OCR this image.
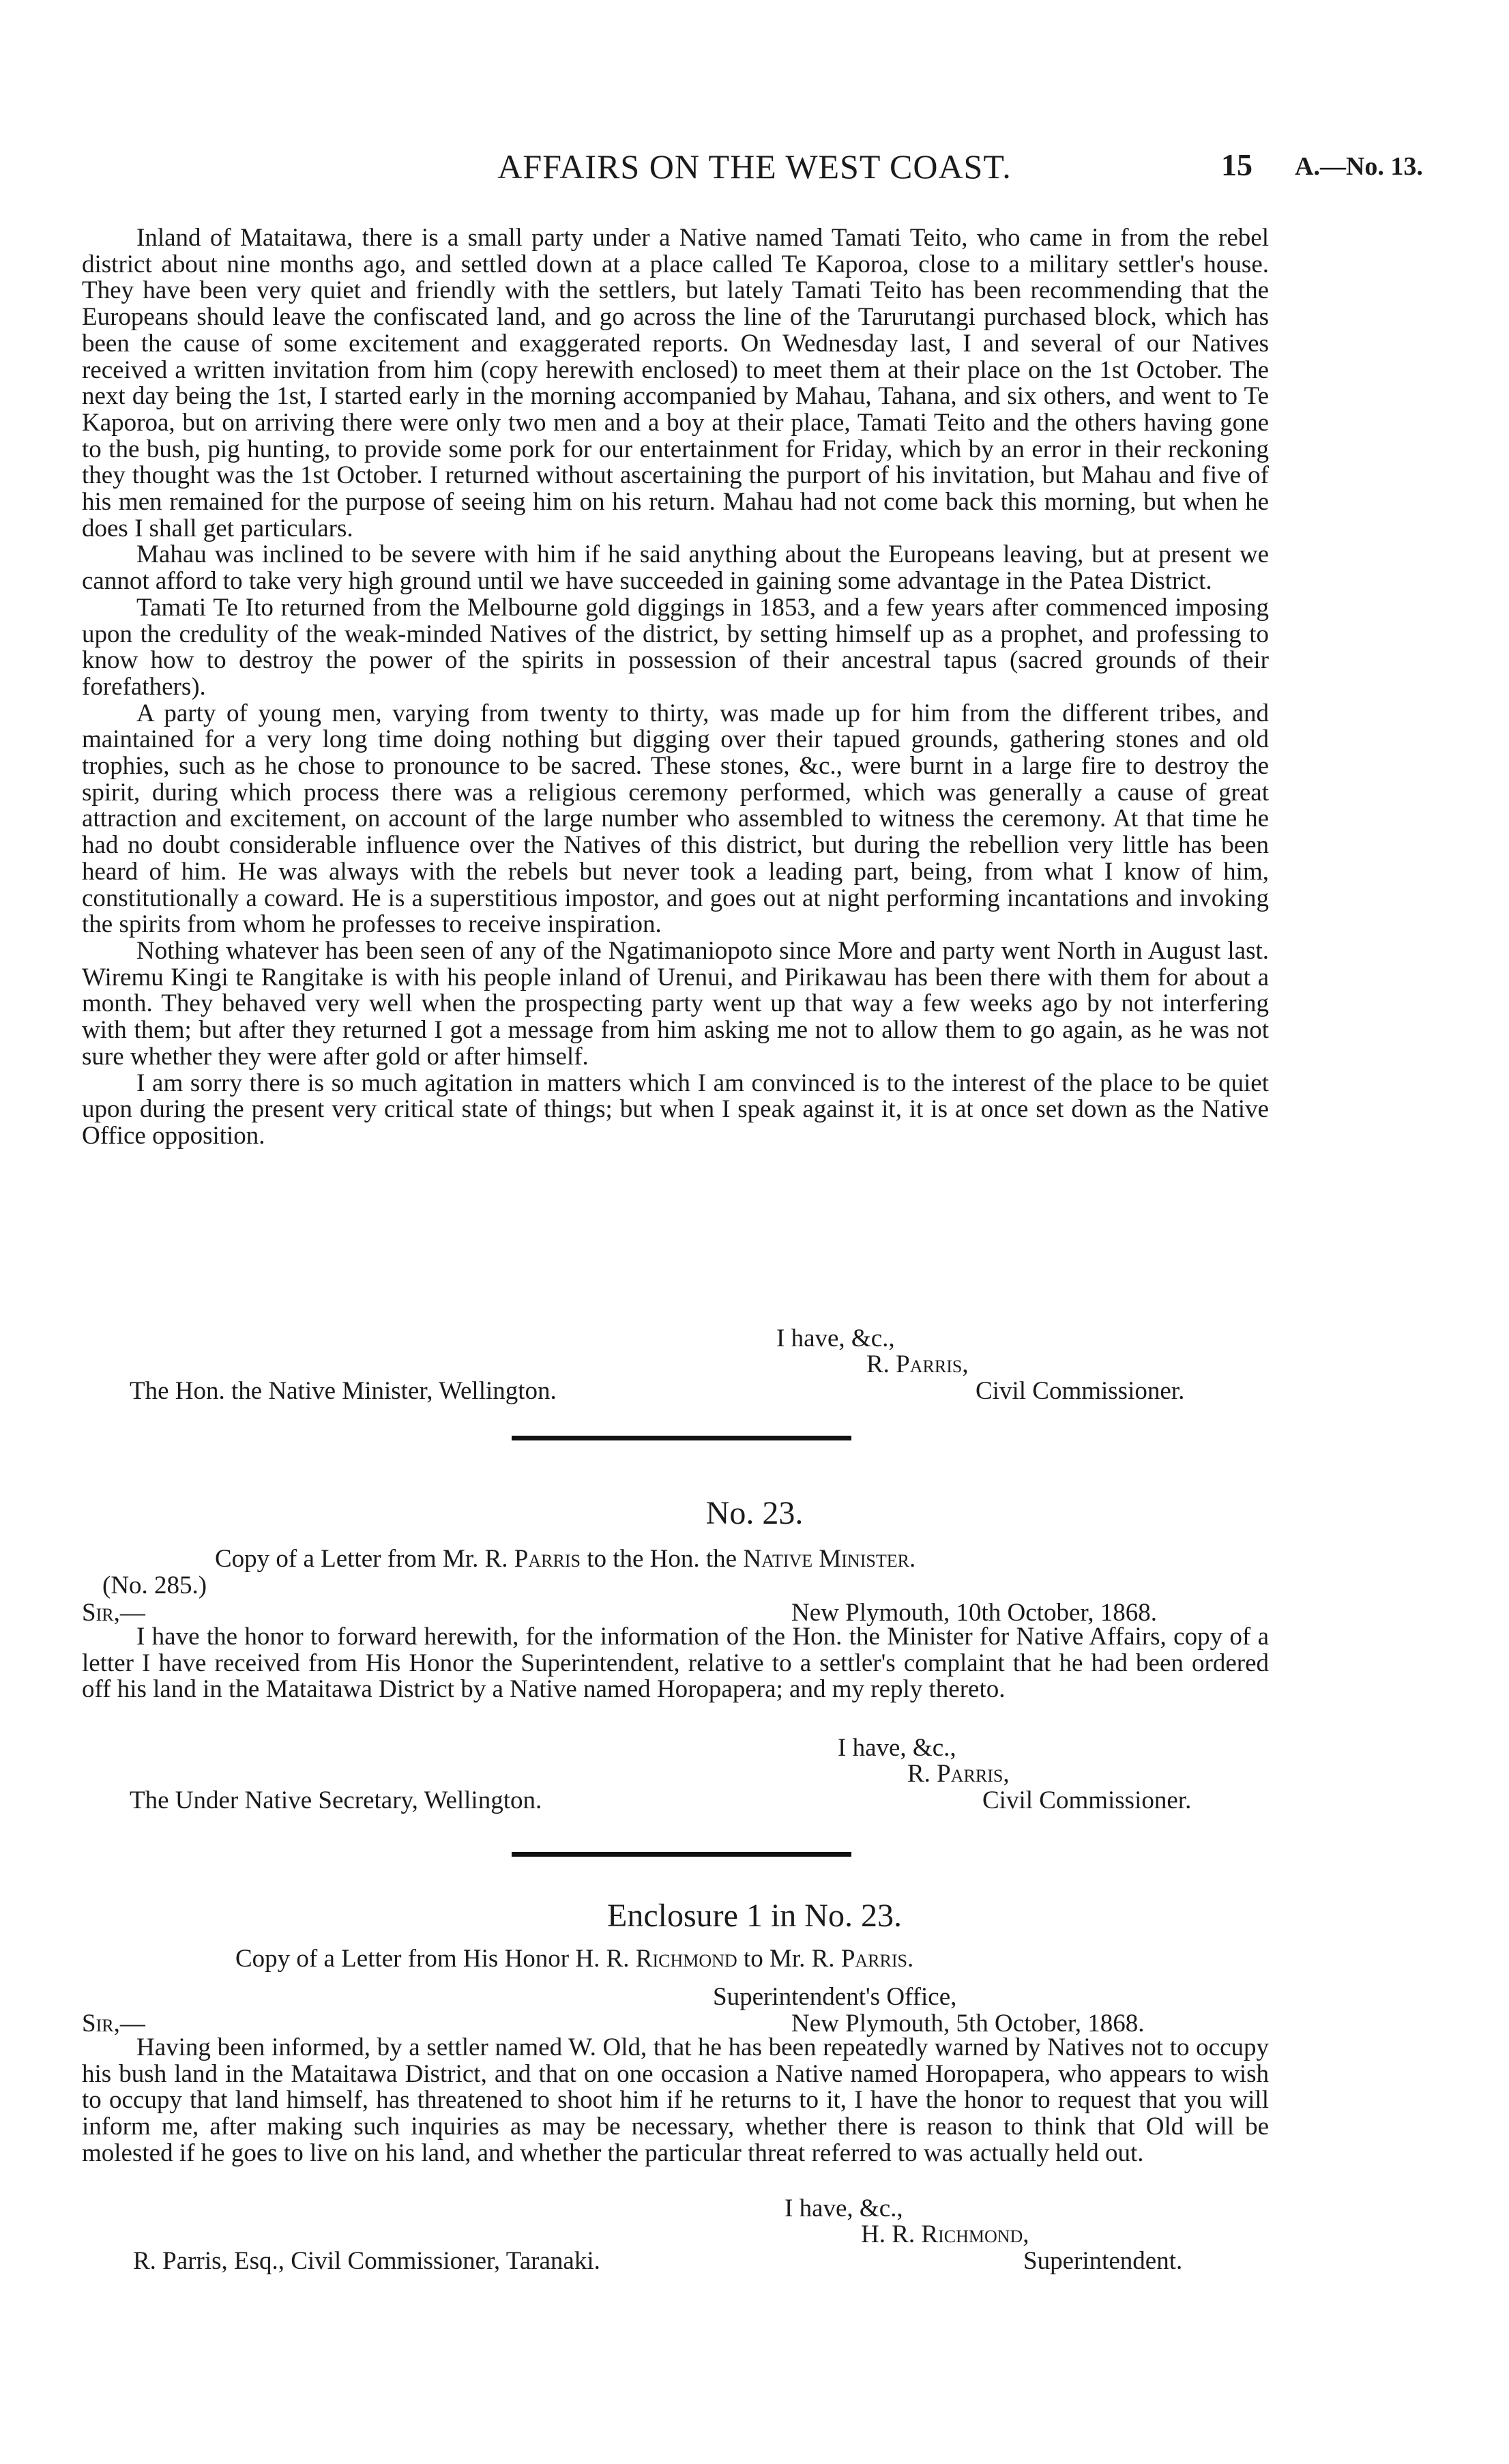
AFFAIRS ON THE WEST COAST.	15 A.—No. 13.

Inland of Mataitawa, there is a small party under a Native named Tamati Teito, who came in from the rebel district about nine months ago, and settled down at a place called Te Kaporoa, close to a military settler's house. They have been very quiet and friendly with the settlers, but lately Tamati Teito has been recommending that the Europeans should leave the confiscated land, and go across the line of the Tarurutangi purchased block, which has been the cause of some excitement and exaggerated reports. On Wednesday last, I and several of our Natives received a written invitation from him (copy herewith enclosed) to meet them at their place on the 1st October. The next day being the 1st, I started early in the morning accompanied by Mahau, Tahana, and six others, and went to Te Kaporoa, but on arriving there were only two men and a boy at their place, Tamati Teito and the others having gone to the bush, pig hunting, to provide some pork for our entertainment for Friday, which by an error in their reckoning they thought was the 1st October. I returned without ascertaining the purport of his invitation, but Mahau and five of his men remained for the purpose of seeing him on his return. Mahau had not come back this morning, but when he does I shall get particulars.

Mahau was inclined to be severe with him if he said anything about the Europeans leaving, but at present we cannot afford to take very high ground until we have succeeded in gaining some advantage in the Patea District.

Tamati Te Ito returned from the Melbourne gold diggings in 1853, and a few years after commenced imposing upon the credulity of the weak-minded Natives of the district, by setting himself up as a prophet, and professing to know how to destroy the power of the spirits in possession of their ancestral tapus (sacred grounds of their forefathers).

A party of young men, varying from twenty to thirty, was made up for him from the different tribes, and maintained for a very long time doing nothing but digging over their tapued grounds, gathering stones and old trophies, such as he chose to pronounce to be sacred. These stones, &c., were burnt in a large fire to destroy the spirit, during which process there was a religious ceremony performed, which was generally a cause of great attraction and excitement, on account of the large number who assembled to witness the ceremony. At that time he had no doubt considerable influence over the Natives of this district, but during the rebellion very little has been heard of him. He was always with the rebels but never took a leading part, being, from what I know of him, constitutionally a coward. He is a superstitious impostor, and goes out at night performing incantations and invoking the spirits from whom he professes to receive inspiration.

Nothing whatever has been seen of any of the Ngatimaniopoto since More and party went North in August last. Wiremu Kingi te Rangitake is with his people inland of Urenui, and Pirikawau has been there with them for about a month. They behaved very well when the prospecting party went up that way a few weeks ago by not interfering with them; but after they returned I got a message from him asking me not to allow them to go again, as he was not sure whether they were after gold or after himself.

I am sorry there is so much agitation in matters which I am convinced is to the interest of the place to be quiet upon during the present very critical state of things; but when I speak against it, it is at once set down as the Native Office opposition.

I have, &c.,
R. Parris,
The Hon. the Native Minister, Wellington.	Civil Commissioner.
No. 23.
Copy of a Letter from Mr. R. Parris to the Hon. the Native Minister.
(No. 285.)
Sir,—	New Plymouth, 10th October, 1868.

I have the honor to forward herewith, for the information of the Hon. the Minister for Native Affairs, copy of a letter I have received from His Honor the Superintendent, relative to a settler's complaint that he had been ordered off his land in the Mataitawa District by a Native named Horopapera; and my reply thereto.

I have, &c.,
R. Parris,
The Under Native Secretary, Wellington.	Civil Commissioner.
Enclosure 1 in No. 23.
Copy of a Letter from His Honor H. R. Richmond to Mr. R. Parris.
Superintendent's Office,
Sir,—	New Plymouth, 5th October, 1868.

Having been informed, by a settler named W. Old, that he has been repeatedly warned by Natives not to occupy his bush land in the Mataitawa District, and that on one occasion a Native named Horopapera, who appears to wish to occupy that land himself, has threatened to shoot him if he returns to it, I have the honor to request that you will inform me, after making such inquiries as may be necessary, whether there is reason to think that Old will be molested if he goes to live on his land, and whether the particular threat referred to was actually held out.

I have, &c.,
H. R. Richmond,
R. Parris, Esq., Civil Commissioner, Taranaki.	Superintendent.
